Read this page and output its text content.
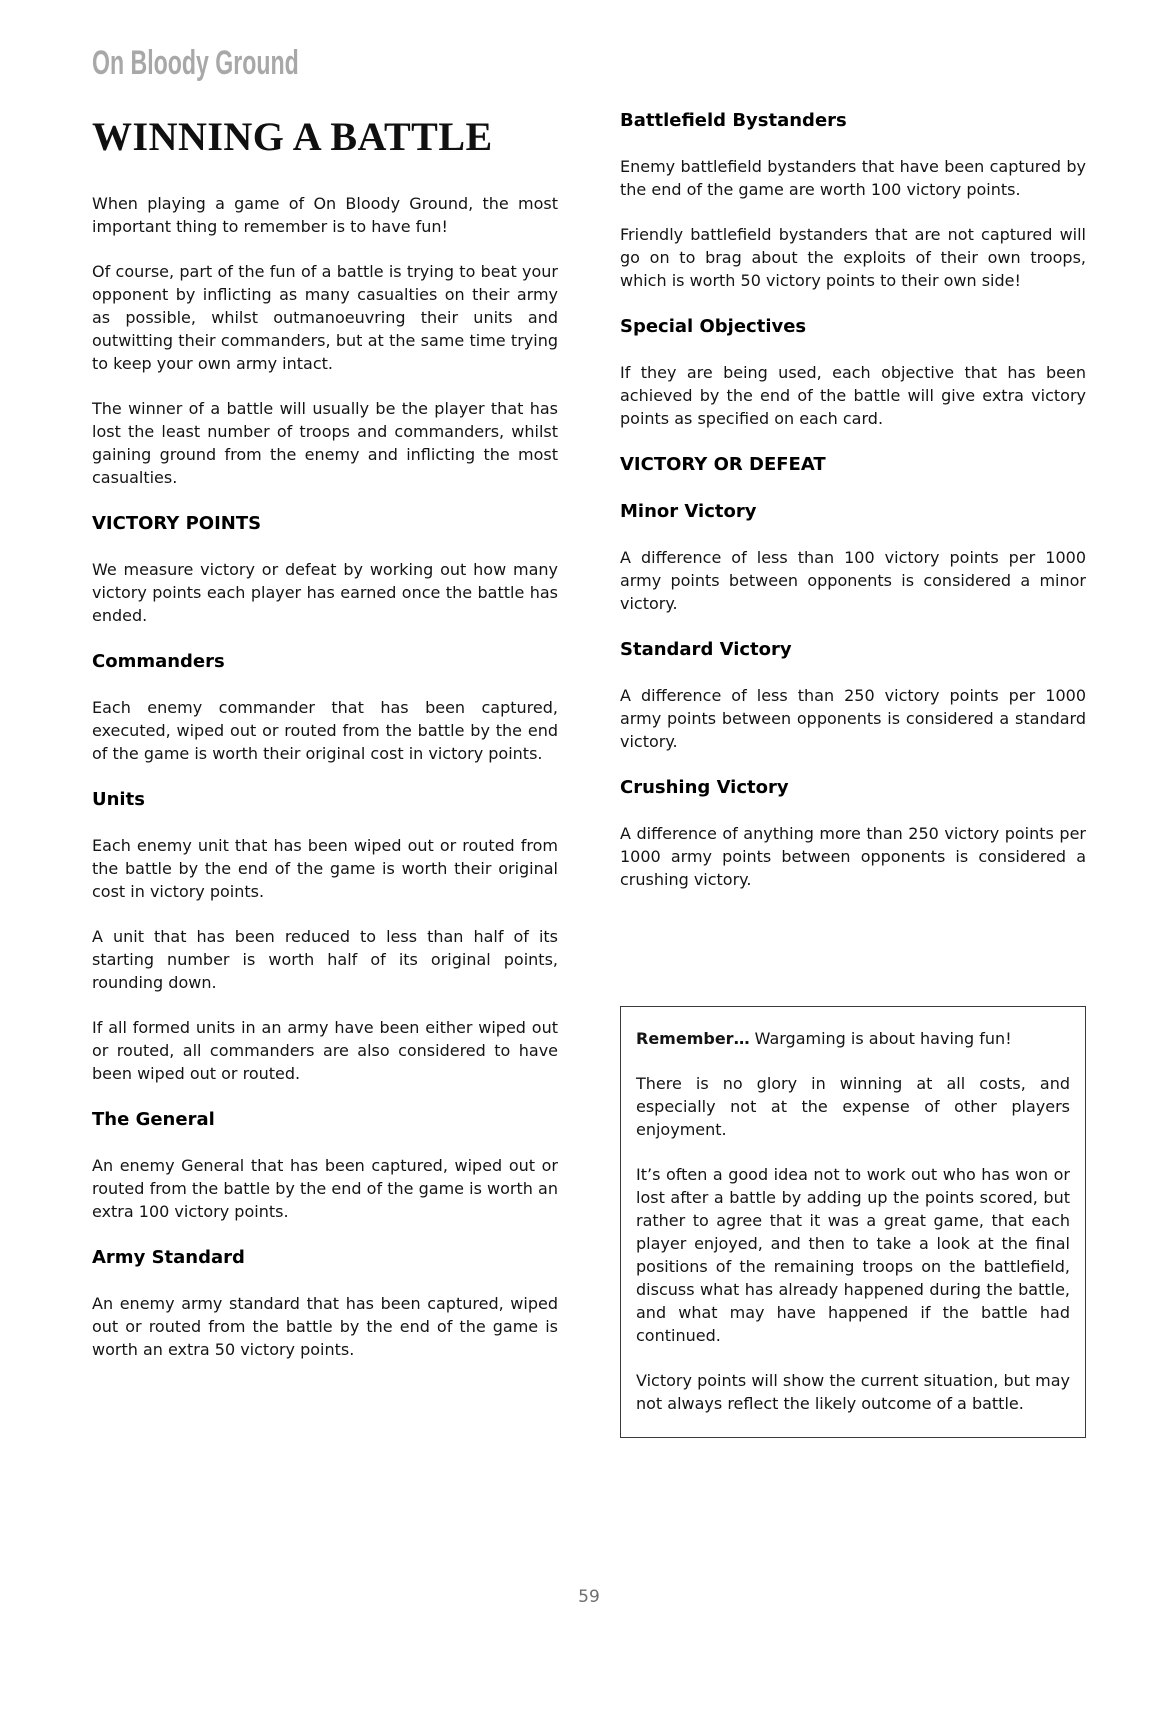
On Bloody Ground
WINNING A BATTLE

When playing a game of On Bloody Ground, the most important thing to remember is to have fun!

Of course, part of the fun of a battle is trying to beat your opponent by inflicting as many casualties on their army as possible, whilst outmanoeuvring their units and outwitting their commanders, but at the same time trying to keep your own army intact.

The winner of a battle will usually be the player that has lost the least number of troops and commanders, whilst gaining ground from the enemy and inflicting the most casualties.

VICTORY POINTS

We measure victory or defeat by working out how many victory points each player has earned once the battle has ended.

Commanders

Each enemy commander that has been captured, executed, wiped out or routed from the battle by the end of the game is worth their original cost in victory points.

Units

Each enemy unit that has been wiped out or routed from the battle by the end of the game is worth their original cost in victory points.

A unit that has been reduced to less than half of its starting number is worth half of its original points, rounding down.

If all formed units in an army have been either wiped out or routed, all commanders are also considered to have been wiped out or routed.

The General

An enemy General that has been captured, wiped out or routed from the battle by the end of the game is worth an extra 100 victory points.

Army Standard

An enemy army standard that has been captured, wiped out or routed from the battle by the end of the game is worth an extra 50 victory points.

Battlefield Bystanders

Enemy battlefield bystanders that have been captured by the end of the game are worth 100 victory points.

Friendly battlefield bystanders that are not captured will go on to brag about the exploits of their own troops, which is worth 50 victory points to their own side!

Special Objectives

If they are being used, each objective that has been achieved by the end of the battle will give extra victory points as specified on each card.

VICTORY OR DEFEAT
Minor Victory

A difference of less than 100 victory points per 1000 army points between opponents is considered a minor victory.

Standard Victory

A difference of less than 250 victory points per 1000 army points between opponents is considered a standard victory.

Crushing Victory

A difference of anything more than 250 victory points per 1000 army points between opponents is considered a crushing victory.

Remember… Wargaming is about having fun!

There is no glory in winning at all costs, and especially not at the expense of other players enjoyment.

It’s often a good idea not to work out who has won or lost after a battle by adding up the points scored, but rather to agree that it was a great game, that each player enjoyed, and then to take a look at the final positions of the remaining troops on the battlefield, discuss what has already happened during the battle, and what may have happened if the battle had continued.

Victory points will show the current situation, but may not always reflect the likely outcome of a battle.

59
